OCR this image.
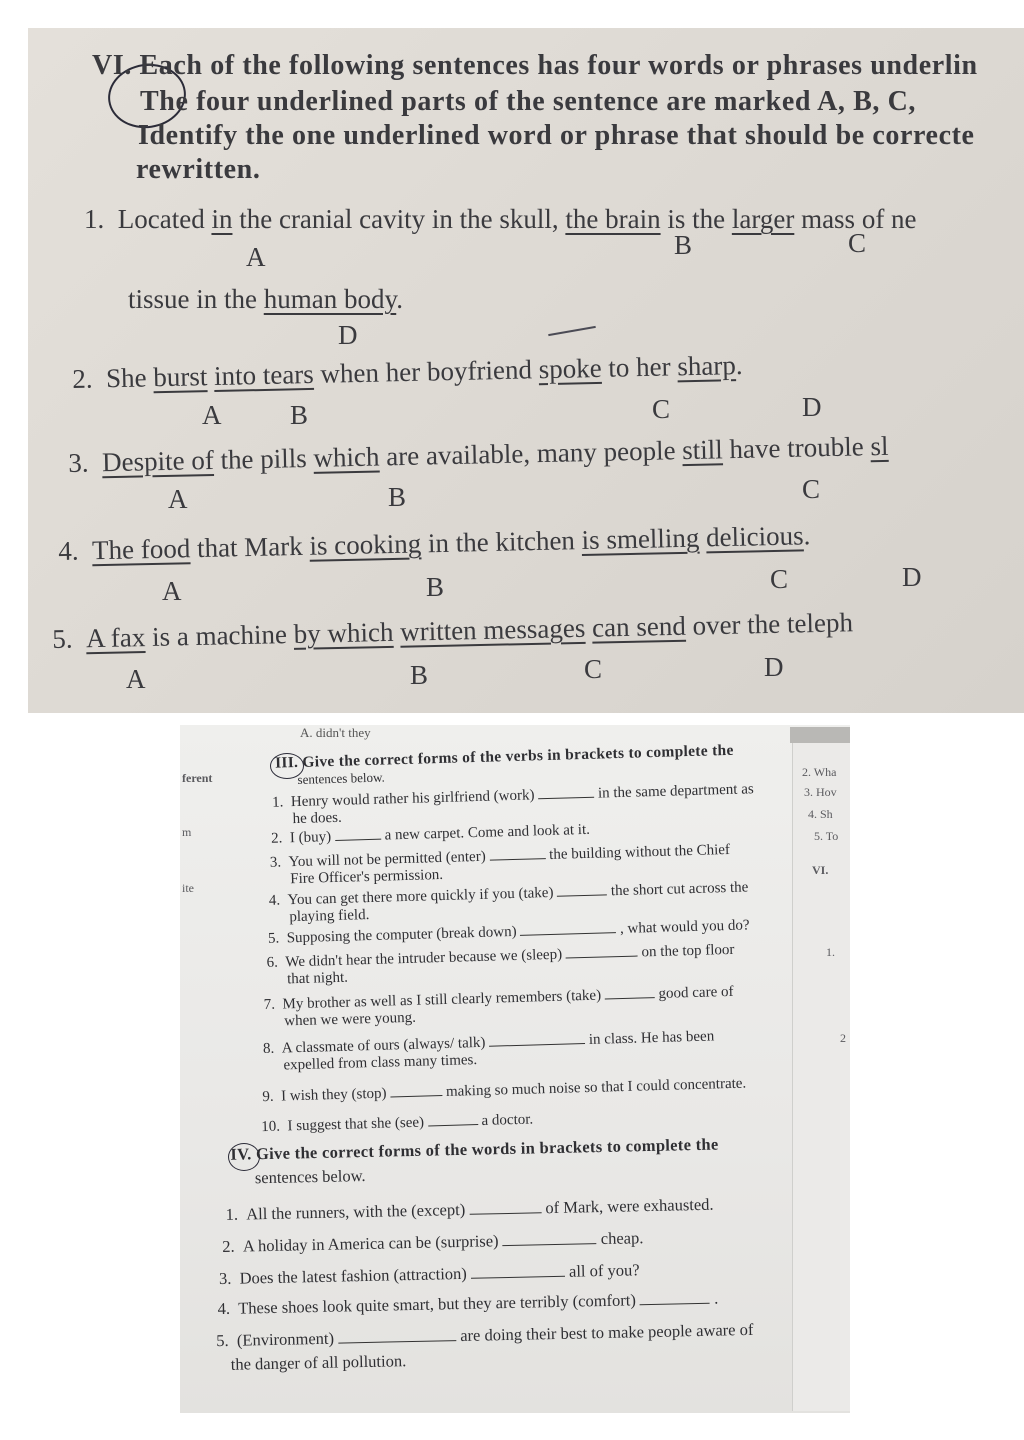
VI. Each of the following sentences has four words or phrases underlin
The four underlined parts of the sentence are marked A, B, C,
Identify the one underlined word or phrase that should be correcte
rewritten.
1. Located in the cranial cavity in the skull, the brain is the larger mass of ne
A	B	C
tissue in the human body.
D
2. She burst into tears when her boyfriend spoke to her sharp.
A	B	C	D
3. Despite of the pills which are available, many people still have trouble sl
A	B	C
4. The food that Mark is cooking in the kitchen is smelling delicious.
A	B	C	D
5. A fax is a machine by which written messages can send over the teleph
A	B	C	D
A. didn't they
ferent
m
ite
2. Wha
3. Hov
4. Sh
5. To
VI.
1.
2
III. Give the correct forms of the verbs in brackets to complete the
sentences below.
1. Henry would rather his girlfriend (work)	in the same department as
he does.
2. I (buy)	a new carpet. Come and look at it.
3. You will not be permitted (enter)	the building without the Chief
Fire Officer's permission.
4. You can get there more quickly if you (take)	the short cut across the
playing field.
5. Supposing the computer (break down)	, what would you do?
6. We didn't hear the intruder because we (sleep)	on the top floor
that night.
7. My brother as well as I still clearly remembers (take)	good care of
when we were young.
8. A classmate of ours (always/ talk)	in class. He has been
expelled from class many times.
9. I wish they (stop)	making so much noise so that I could concentrate.
10. I suggest that she (see)	a doctor.
IV. Give the correct forms of the words in brackets to complete the
sentences below.
1. All the runners, with the (except)	of Mark, were exhausted.
2. A holiday in America can be (surprise)	cheap.
3. Does the latest fashion (attraction)	all of you?
4. These shoes look quite smart, but they are terribly (comfort)	.
5. (Environment)	are doing their best to make people aware of
the danger of all pollution.
